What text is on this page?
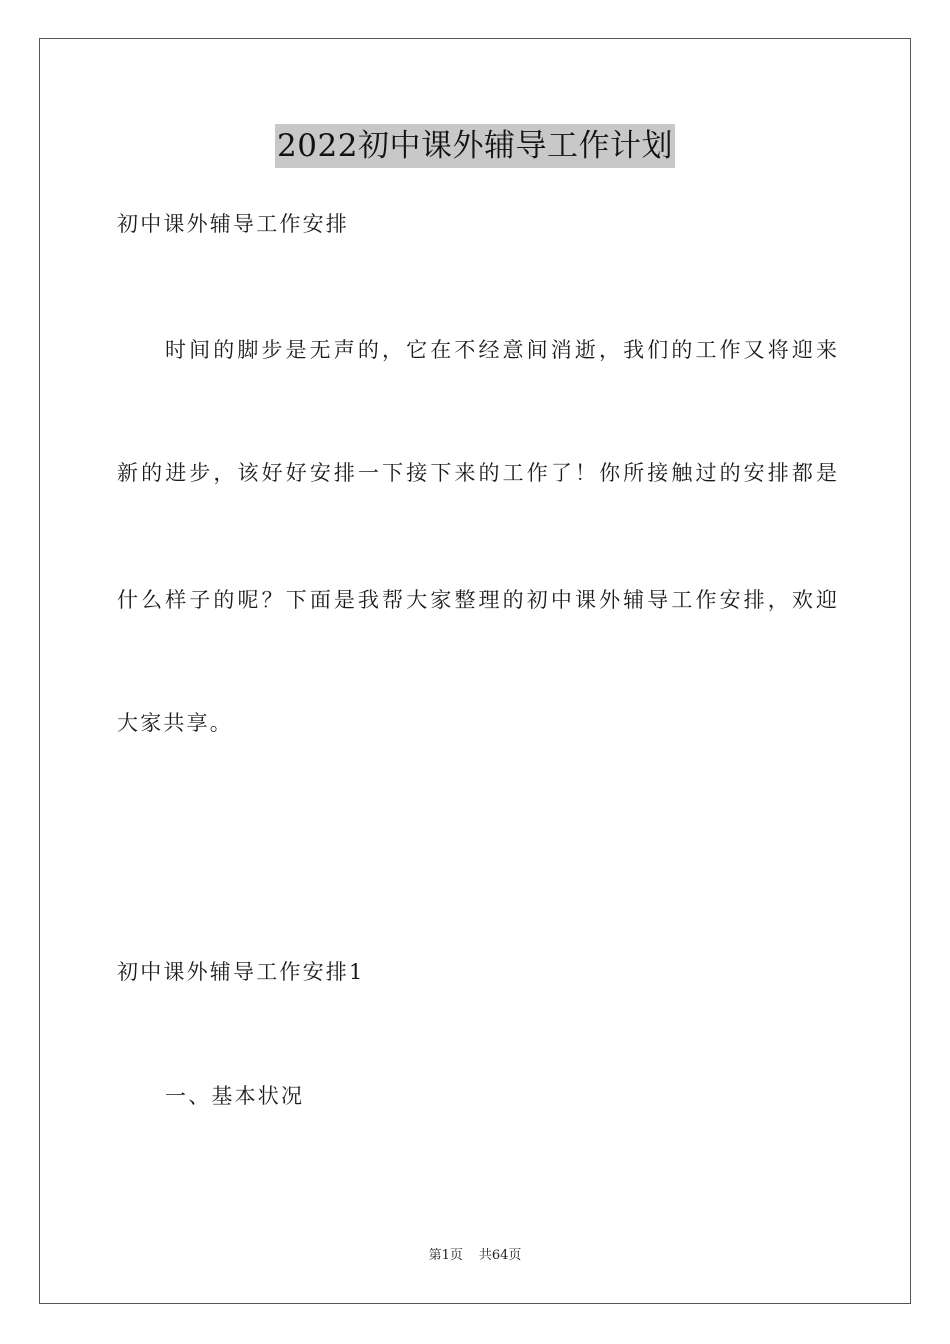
2022初中课外辅导工作计划
初中课外辅导工作安排
时间的脚步是无声的，它在不经意间消逝，我们的工作又将迎来
新的进步，该好好安排一下接下来的工作了！你所接触过的安排都是
什么样子的呢？下面是我帮大家整理的初中课外辅导工作安排，欢迎
大家共享。
初中课外辅导工作安排1
一、基本状况
第1页 共64页
